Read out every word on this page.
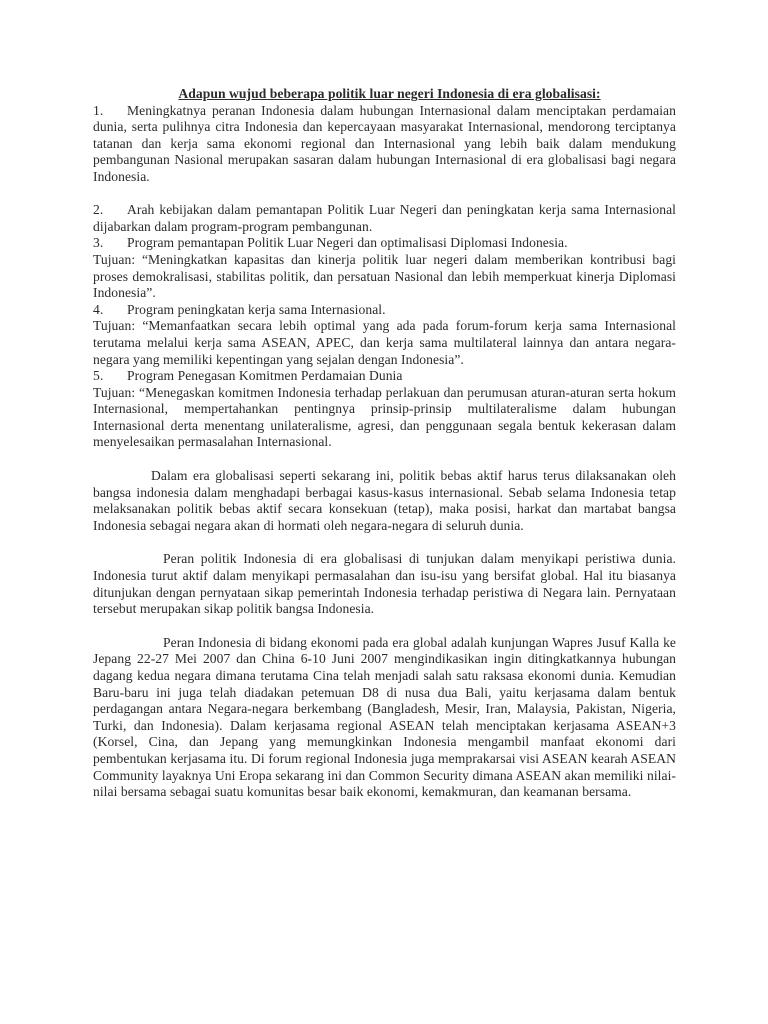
Adapun wujud beberapa politik luar negeri Indonesia di era globalisasi:

1. Meningkatnya peranan Indonesia dalam hubungan Internasional dalam menciptakan perdamaian dunia, serta pulihnya citra Indonesia dan kepercayaan masyarakat Internasional, mendorong terciptanya tatanan dan kerja sama ekonomi regional dan Internasional yang lebih baik dalam mendukung pembangunan Nasional merupakan sasaran dalam hubungan Internasional di era globalisasi bagi negara Indonesia.

2. Arah kebijakan dalam pemantapan Politik Luar Negeri dan peningkatan kerja sama Internasional dijabarkan dalam program-program pembangunan.

3. Program pemantapan Politik Luar Negeri dan optimalisasi Diplomasi Indonesia.

Tujuan: “Meningkatkan kapasitas dan kinerja politik luar negeri dalam memberikan kontribusi bagi proses demokralisasi, stabilitas politik, dan persatuan Nasional dan lebih memperkuat kinerja Diplomasi Indonesia”.

4. Program peningkatan kerja sama Internasional.

Tujuan: “Memanfaatkan secara lebih optimal yang ada pada forum-forum kerja sama Internasional terutama melalui kerja sama ASEAN, APEC, dan kerja sama multilateral lainnya dan antara negara-negara yang memiliki kepentingan yang sejalan dengan Indonesia”.

5. Program Penegasan Komitmen Perdamaian Dunia

Tujuan: “Menegaskan komitmen Indonesia terhadap perlakuan dan perumusan aturan-aturan serta hokum Internasional, mempertahankan pentingnya prinsip-prinsip multilateralisme dalam hubungan Internasional derta menentang unilateralisme, agresi, dan penggunaan segala bentuk kekerasan dalam menyelesaikan permasalahan Internasional.

Dalam era globalisasi seperti sekarang ini, politik bebas aktif harus terus dilaksanakan oleh bangsa indonesia dalam menghadapi berbagai kasus-kasus internasional. Sebab selama Indonesia tetap melaksanakan politik bebas aktif secara konsekuan (tetap), maka posisi, harkat dan martabat bangsa Indonesia sebagai negara akan di hormati oleh negara-negara di seluruh dunia.

Peran politik Indonesia di era globalisasi di tunjukan dalam menyikapi peristiwa dunia. Indonesia turut aktif dalam menyikapi permasalahan dan isu-isu yang bersifat global. Hal itu biasanya ditunjukan dengan pernyataan sikap pemerintah Indonesia terhadap peristiwa di Negara lain. Pernyataan tersebut merupakan sikap politik bangsa Indonesia.

Peran Indonesia di bidang ekonomi pada era global adalah kunjungan Wapres Jusuf Kalla ke Jepang 22-27 Mei 2007 dan China 6-10 Juni 2007 mengindikasikan ingin ditingkatkannya hubungan dagang kedua negara dimana terutama Cina telah menjadi salah satu raksasa ekonomi dunia. Kemudian Baru-baru ini juga telah diadakan petemuan D8 di nusa dua Bali, yaitu kerjasama dalam bentuk perdagangan antara Negara-negara berkembang (Bangladesh, Mesir, Iran, Malaysia, Pakistan, Nigeria, Turki, dan Indonesia). Dalam kerjasama regional ASEAN telah menciptakan kerjasama ASEAN+3 (Korsel, Cina, dan Jepang yang memungkinkan Indonesia mengambil manfaat ekonomi dari pembentukan kerjasama itu. Di forum regional Indonesia juga memprakarsai visi ASEAN kearah ASEAN Community layaknya Uni Eropa sekarang ini dan Common Security dimana ASEAN akan memiliki nilai-nilai bersama sebagai suatu komunitas besar baik ekonomi, kemakmuran, dan keamanan bersama.
